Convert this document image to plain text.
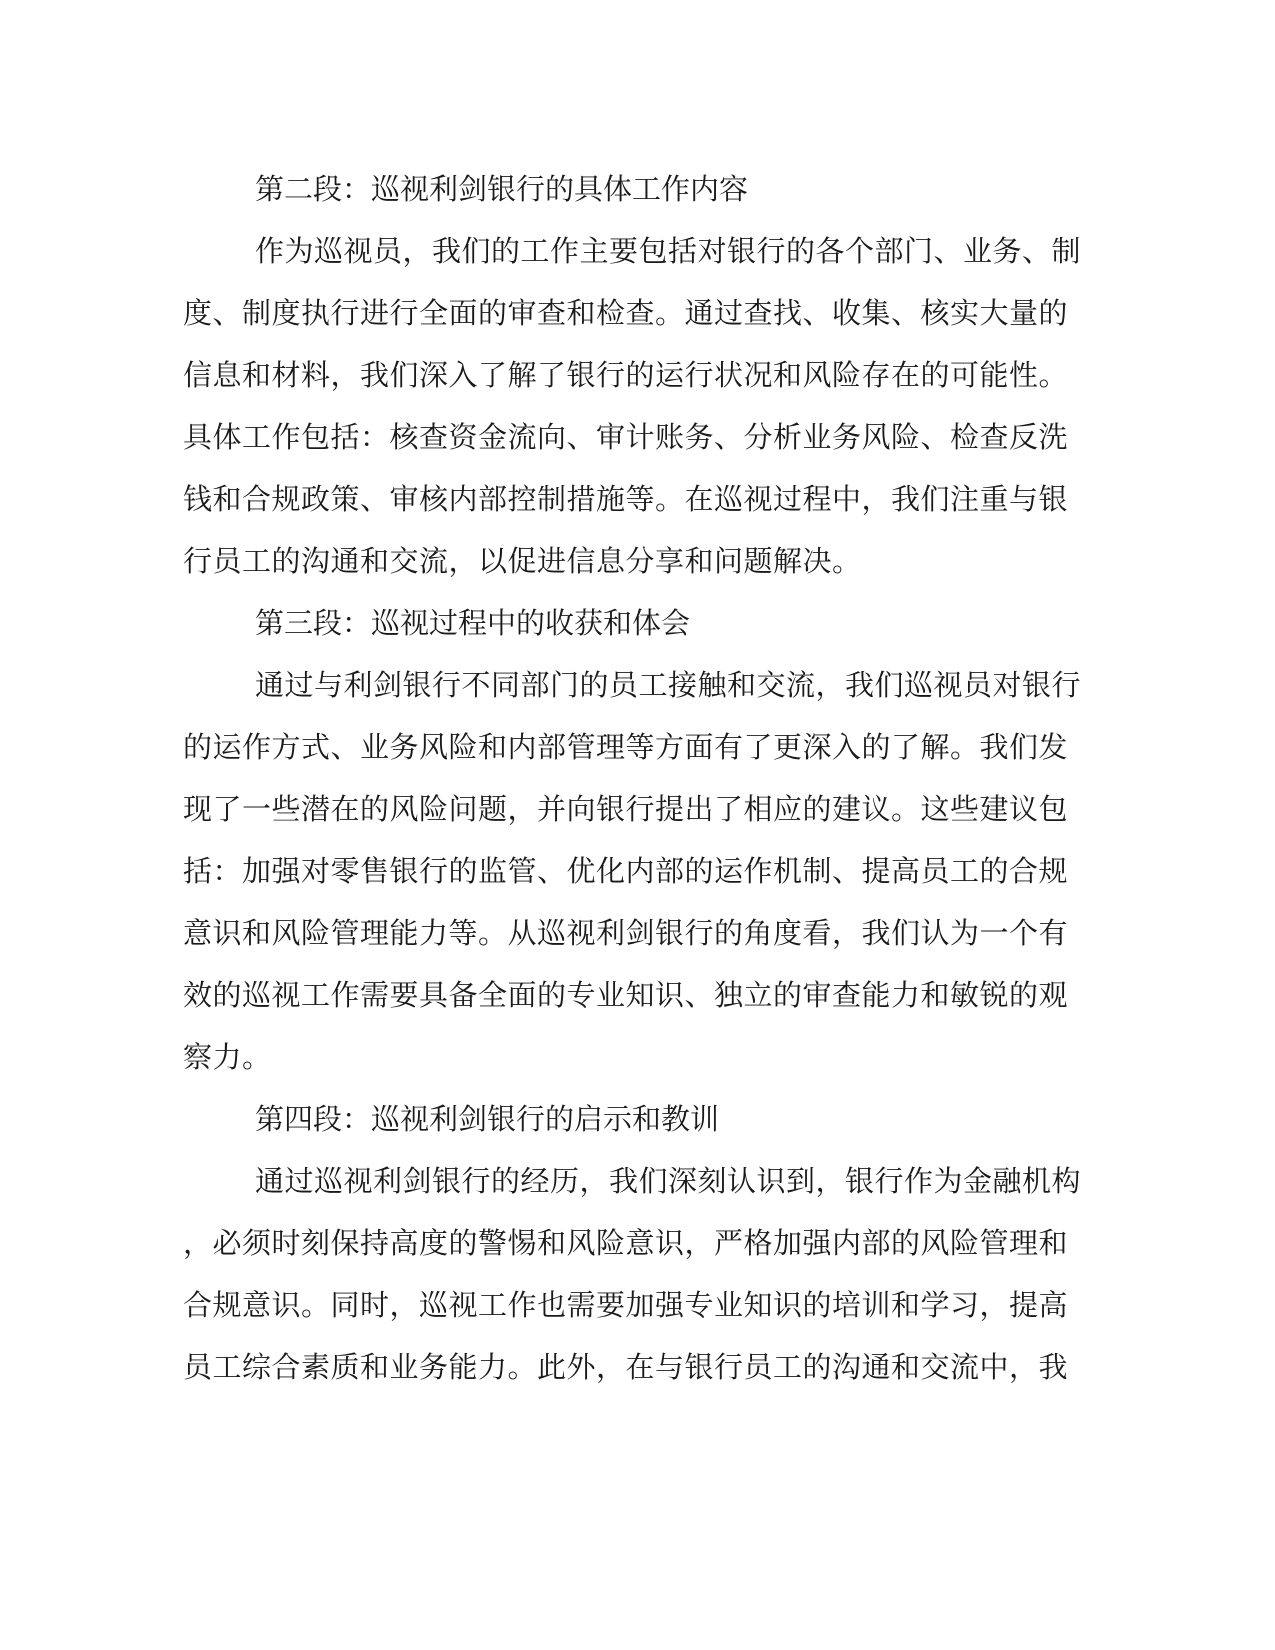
第二段：巡视利剑银行的具体工作内容

作为巡视员，我们的工作主要包括对银行的各个部门、业务、制

度、制度执行进行全面的审查和检查。通过查找、收集、核实大量的

信息和材料，我们深入了解了银行的运行状况和风险存在的可能性。

具体工作包括：核查资金流向、审计账务、分析业务风险、检查反洗

钱和合规政策、审核内部控制措施等。在巡视过程中，我们注重与银

行员工的沟通和交流，以促进信息分享和问题解决。

第三段：巡视过程中的收获和体会

通过与利剑银行不同部门的员工接触和交流，我们巡视员对银行

的运作方式、业务风险和内部管理等方面有了更深入的了解。我们发

现了一些潜在的风险问题，并向银行提出了相应的建议。这些建议包

括：加强对零售银行的监管、优化内部的运作机制、提高员工的合规

意识和风险管理能力等。从巡视利剑银行的角度看，我们认为一个有

效的巡视工作需要具备全面的专业知识、独立的审查能力和敏锐的观

察力。

第四段：巡视利剑银行的启示和教训

通过巡视利剑银行的经历，我们深刻认识到，银行作为金融机构

，必须时刻保持高度的警惕和风险意识，严格加强内部的风险管理和

合规意识。同时，巡视工作也需要加强专业知识的培训和学习，提高

员工综合素质和业务能力。此外，在与银行员工的沟通和交流中，我
